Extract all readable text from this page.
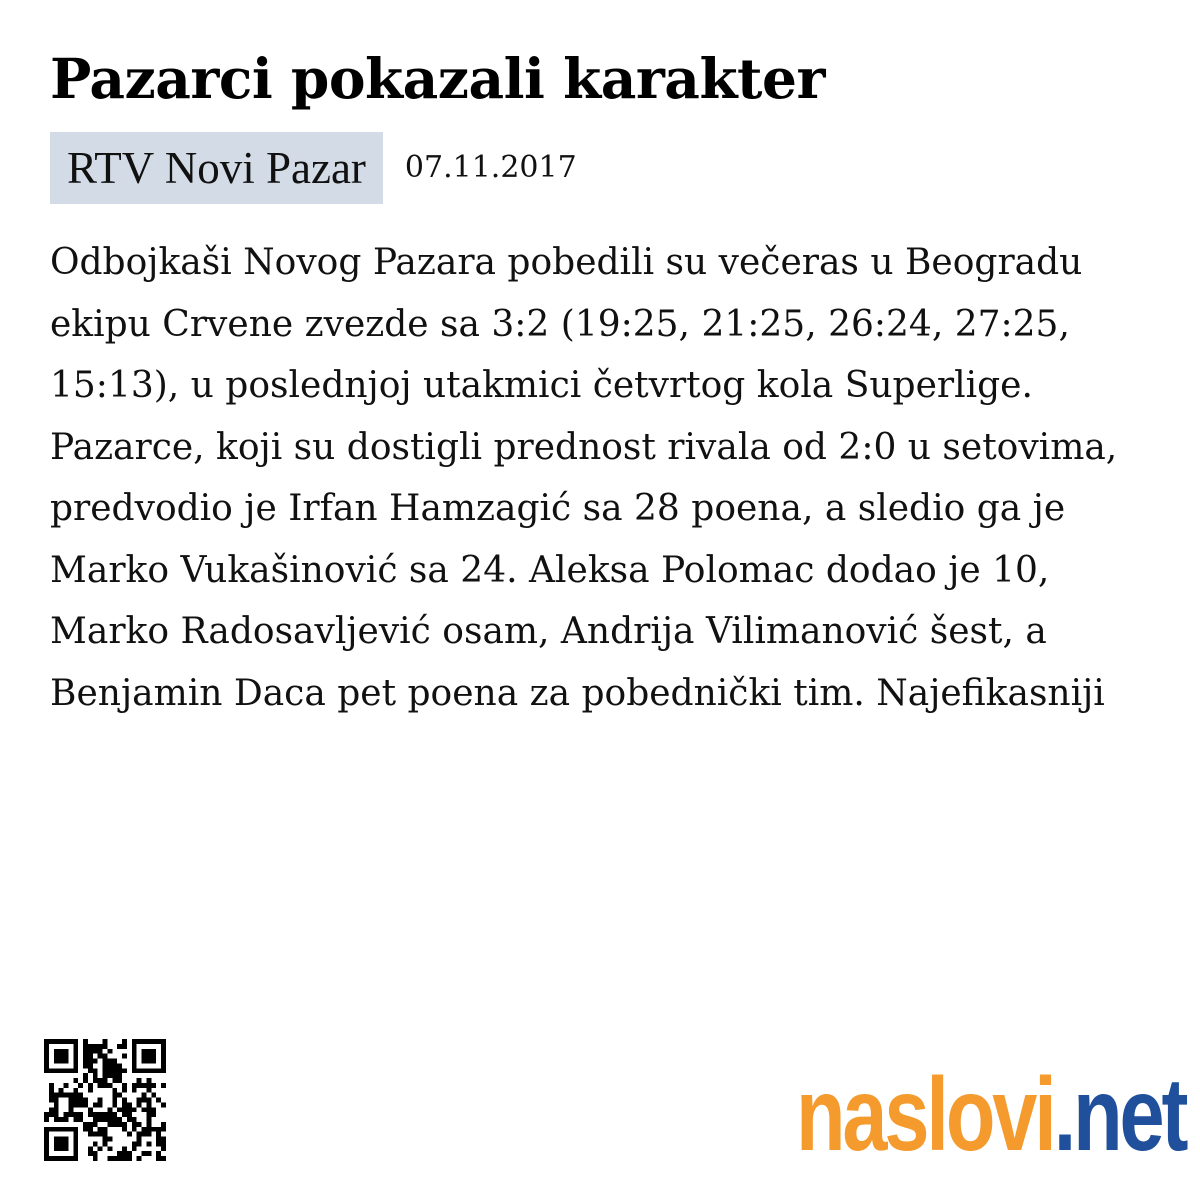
Pazarci pokazali karakter
RTV Novi Pazar	07.11.2017

Odbojkaši Novog Pazara pobedili su večeras u Beogradu ekipu Crvene zvezde sa 3:2 (19:25, 21:25, 26:24, 27:25, 15:13), u poslednjoj utakmici četvrtog kola Superlige. Pazarce, koji su dostigli prednost rivala od 2:0 u setovima, predvodio je Irfan Hamzagić sa 28 poena, a sledio ga je Marko Vukašinović sa 24. Aleksa Polomac dodao je 10, Marko Radosavljević osam, Andrija Vilimanović šest, a Benjamin Daca pet poena za pobednički tim. Najefikasniji

naslovi.net
